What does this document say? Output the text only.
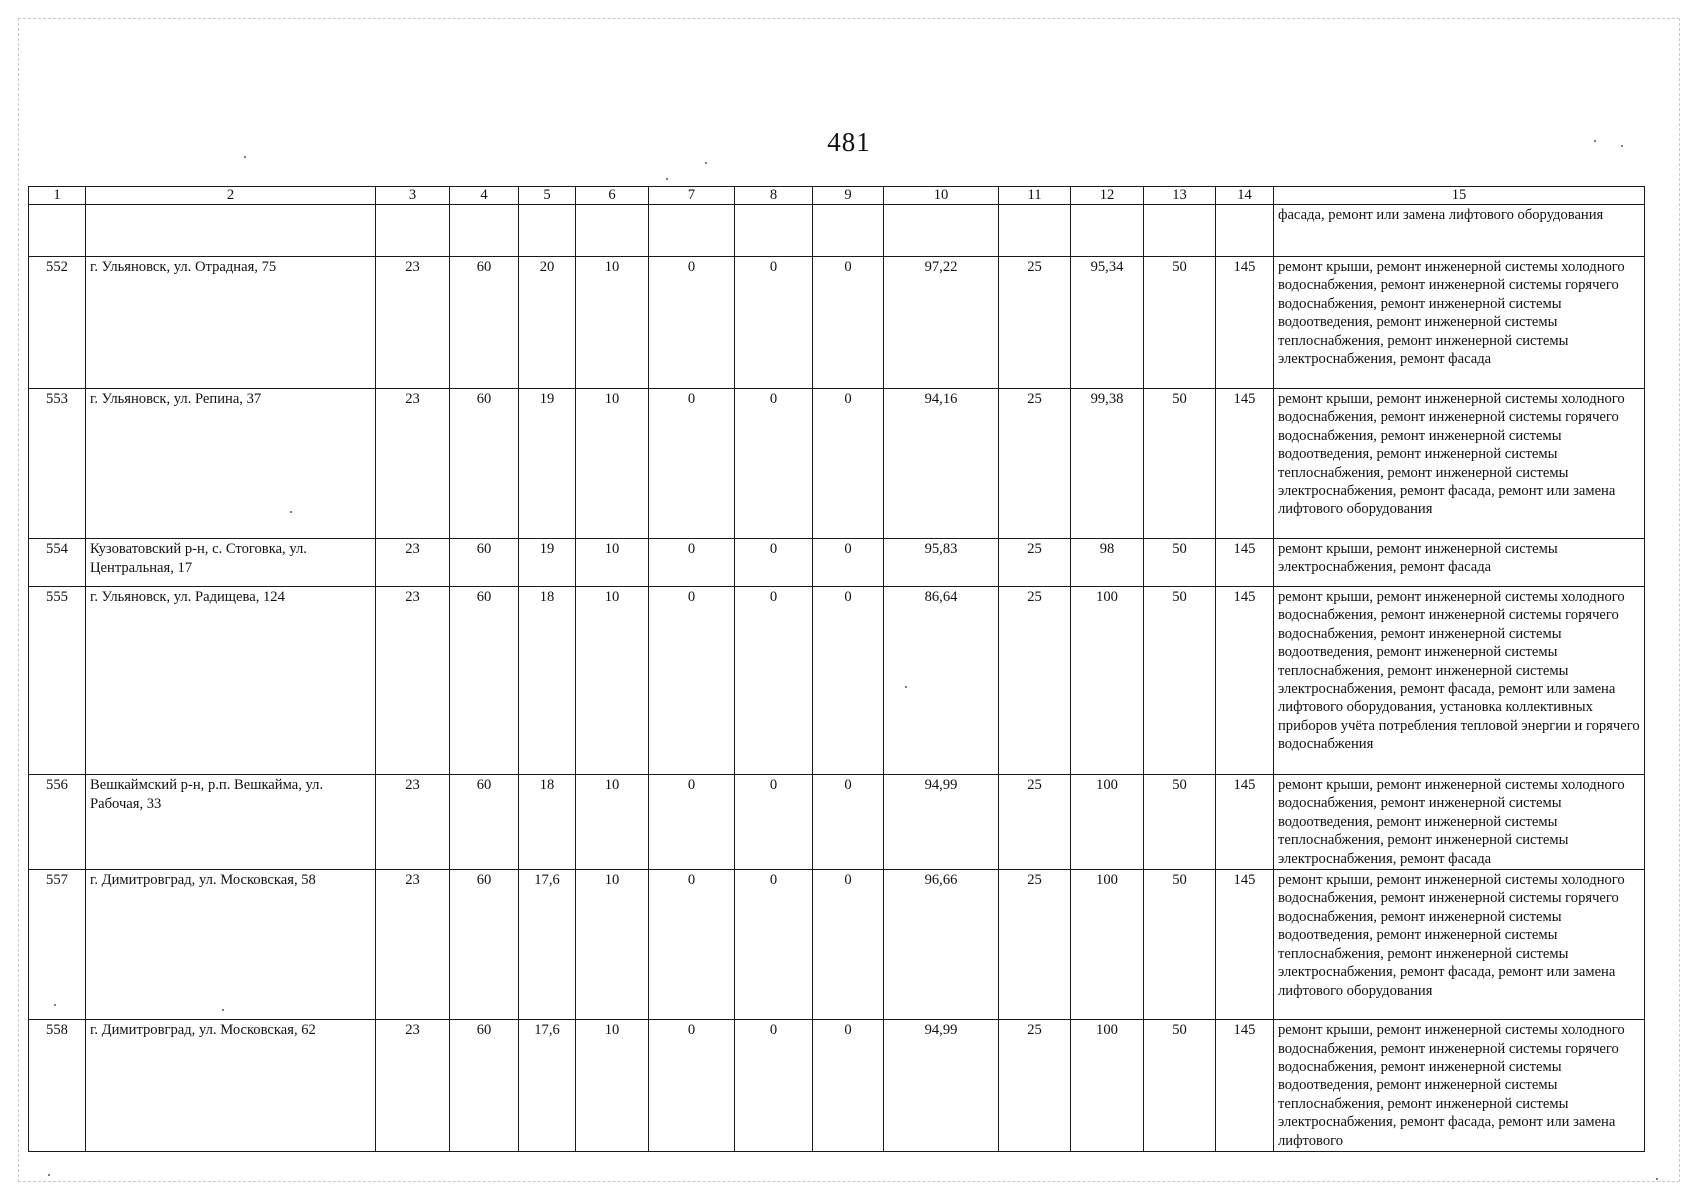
481
1	2	3	4	5	6	7	8	9	10	11	12	13	14	15
														фасада, ремонт или замена лифтового оборудования
552	г. Ульяновск, ул. Отрадная, 75	23	60	20	10	0	0	0	97,22	25	95,34	50	145	ремонт крыши, ремонт инженерной системы холодного водоснабжения, ремонт инженерной системы горячего водоснабжения, ремонт инженерной системы водоотведения, ремонт инженерной системы теплоснабжения, ремонт инженерной системы электроснабжения, ремонт фасада
553	г. Ульяновск, ул. Репина, 37	23	60	19	10	0	0	0	94,16	25	99,38	50	145	ремонт крыши, ремонт инженерной системы холодного водоснабжения, ремонт инженерной системы горячего водоснабжения, ремонт инженерной системы водоотведения, ремонт инженерной системы теплоснабжения, ремонт инженерной системы электроснабжения, ремонт фасада, ремонт или замена лифтового оборудования
554	Кузоватовский р-н, с. Стоговка, ул. Центральная, 17	23	60	19	10	0	0	0	95,83	25	98	50	145	ремонт крыши, ремонт инженерной системы электроснабжения, ремонт фасада
555	г. Ульяновск, ул. Радищева, 124	23	60	18	10	0	0	0	86,64	25	100	50	145	ремонт крыши, ремонт инженерной системы холодного водоснабжения, ремонт инженерной системы горячего водоснабжения, ремонт инженерной системы водоотведения, ремонт инженерной системы теплоснабжения, ремонт инженерной системы электроснабжения, ремонт фасада, ремонт или замена лифтового оборудования, установка коллективных приборов учёта потребления тепловой энергии и горячего водоснабжения
556	Вешкаймский р-н, р.п. Вешкайма, ул. Рабочая, 33	23	60	18	10	0	0	0	94,99	25	100	50	145	ремонт крыши, ремонт инженерной системы холодного водоснабжения, ремонт инженерной системы водоотведения, ремонт инженерной системы теплоснабжения, ремонт инженерной системы электроснабжения, ремонт фасада
557	г. Димитровград, ул. Московская, 58	23	60	17,6	10	0	0	0	96,66	25	100	50	145	ремонт крыши, ремонт инженерной системы холодного водоснабжения, ремонт инженерной системы горячего водоснабжения, ремонт инженерной системы водоотведения, ремонт инженерной системы теплоснабжения, ремонт инженерной системы электроснабжения, ремонт фасада, ремонт или замена лифтового оборудования
558	г. Димитровград, ул. Московская, 62	23	60	17,6	10	0	0	0	94,99	25	100	50	145	ремонт крыши, ремонт инженерной системы холодного водоснабжения, ремонт инженерной системы горячего водоснабжения, ремонт инженерной системы водоотведения, ремонт инженерной системы теплоснабжения, ремонт инженерной системы электроснабжения, ремонт фасада, ремонт или замена лифтового
